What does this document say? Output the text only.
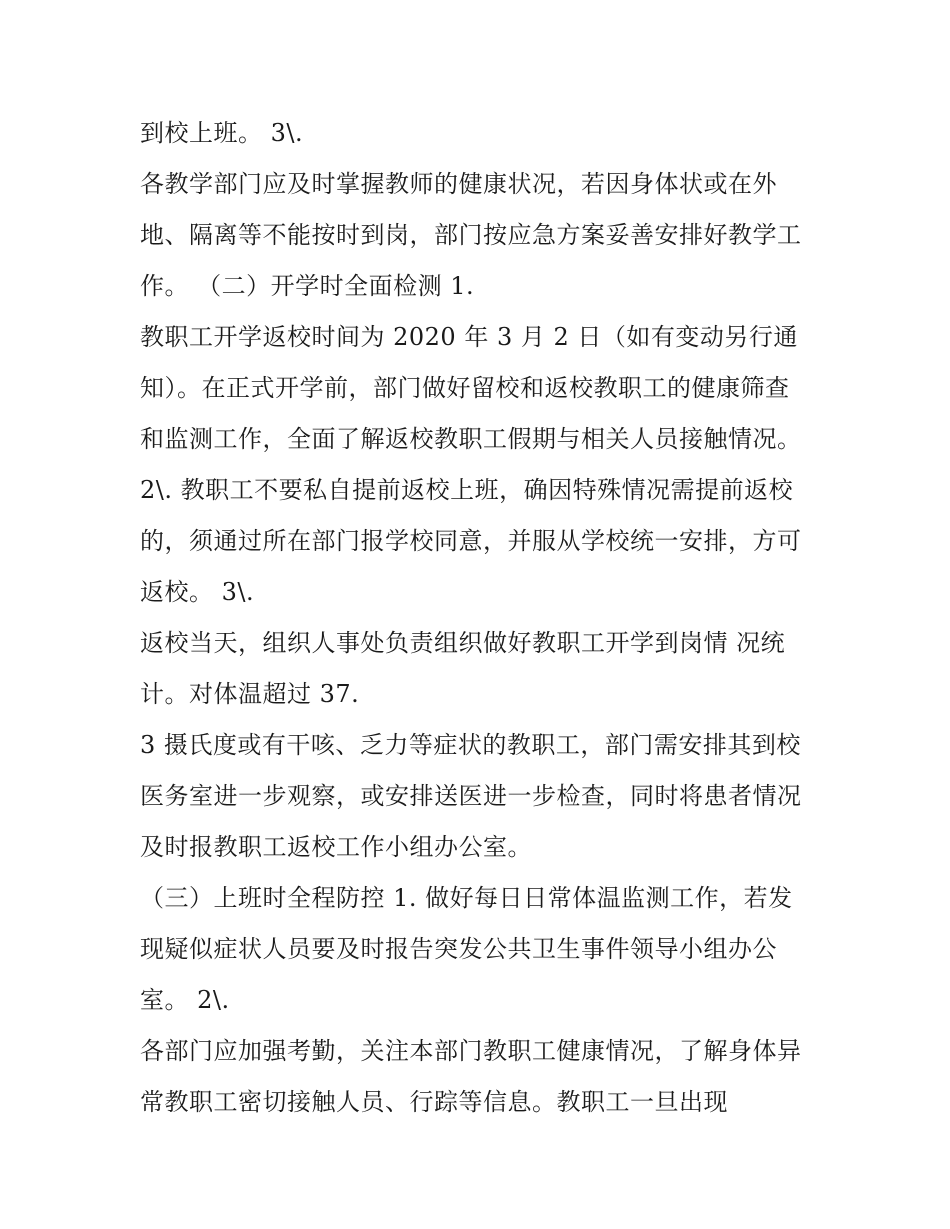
到校上班。 3\.
各教学部门应及时掌握教师的健康状况，若因身体状或在外
地、隔离等不能按时到岗，部门按应急方案妥善安排好教学工
作。 （二）开学时全面检测 1.
教职工开学返校时间为 2020 年 3 月 2 日（如有变动另行通
知）。在正式开学前，部门做好留校和返校教职工的健康筛查
和监测工作，全面了解返校教职工假期与相关人员接触情况。
2\. 教职工不要私自提前返校上班，确因特殊情况需提前返校
的，须通过所在部门报学校同意，并服从学校统一安排，方可
返校。 3\.
返校当天，组织人事处负责组织做好教职工开学到岗情 况统
计。对体温超过 37.
3 摄氏度或有干咳、乏力等症状的教职工，部门需安排其到校
医务室进一步观察，或安排送医进一步检查，同时将患者情况
及时报教职工返校工作小组办公室。
（三）上班时全程防控 1. 做好每日日常体温监测工作，若发
现疑似症状人员要及时报告突发公共卫生事件领导小组办公
室。 2\.
各部门应加强考勤，关注本部门教职工健康情况，了解身体异
常教职工密切接触人员、行踪等信息。教职工一旦出现
